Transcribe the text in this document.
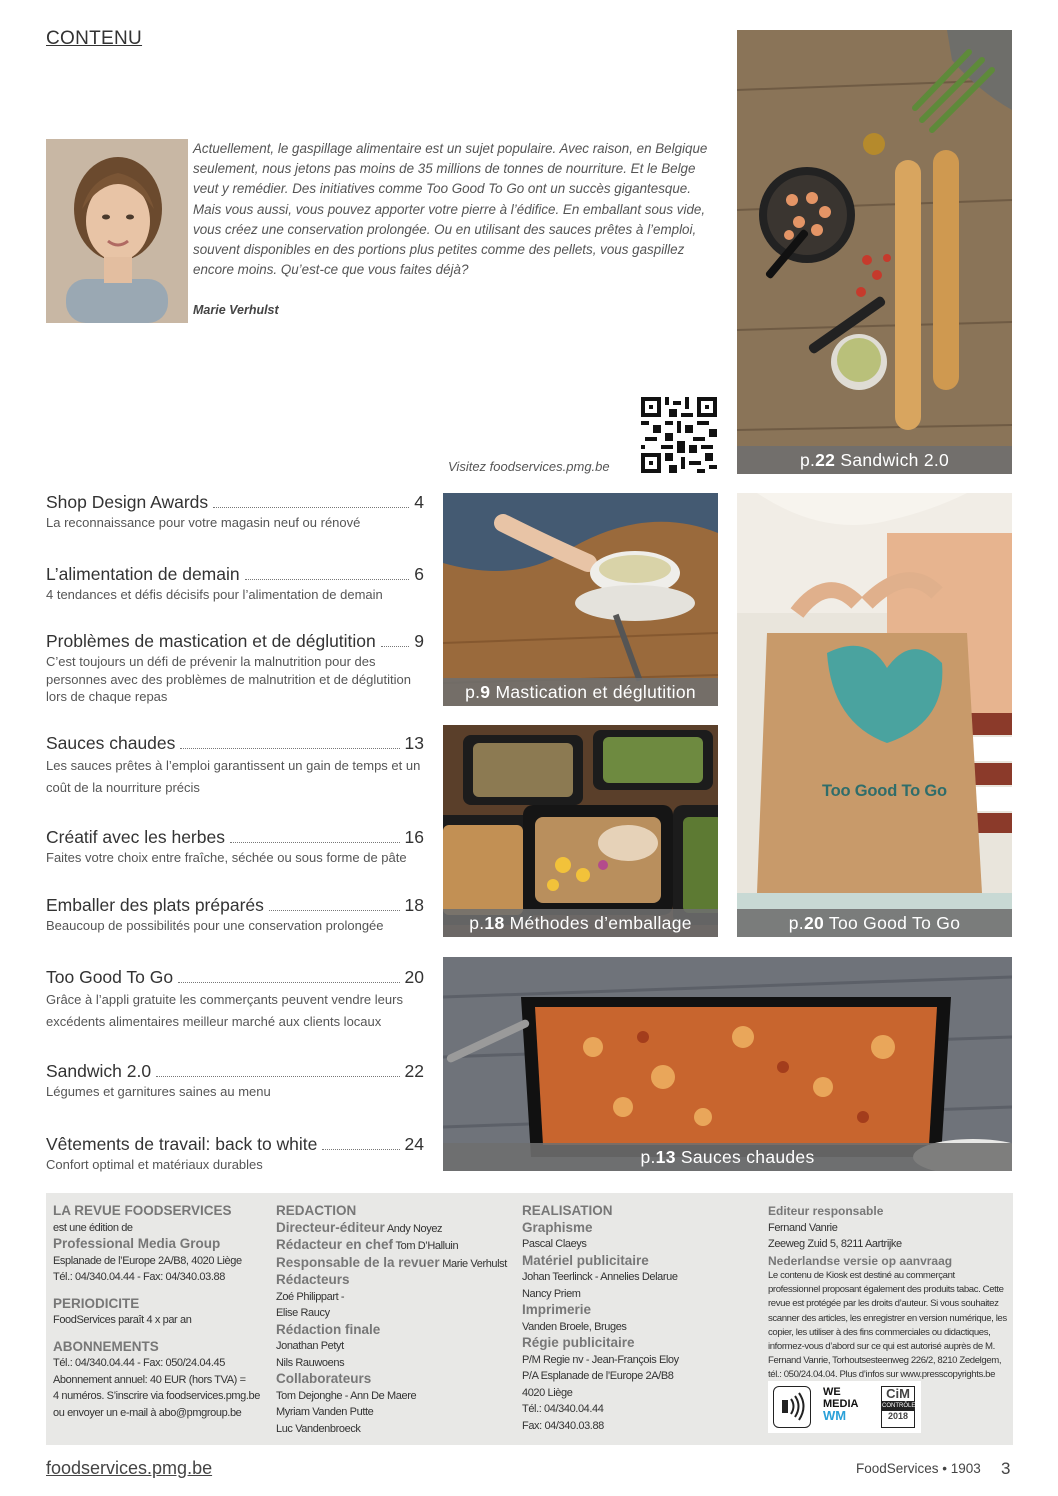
CONTENU
Actuellement, le gaspillage alimentaire est un sujet populaire. Avec raison, en Belgique seulement, nous jetons pas moins de 35 millions de tonnes de nourriture. Et le Belge veut y remédier. Des initiatives comme Too Good To Go ont un succès gigantesque. Mais vous aussi, vous pouvez apporter votre pierre à l’édifice. En emballant sous vide, vous créez une conservation prolongée. Ou en utilisant des sauces prêtes à l’emploi, souvent disponibles en des portions plus petites comme des pellets, vous gaspillez encore moins. Qu’est-ce que vous faites déjà?
Marie Verhulst
Visitez foodservices.pmg.be	p.22 Sandwich 2.0
p.9 Mastication et déglutition
p.18 Méthodes d’emballage
Too Good To Go
p.20 Too Good To Go
p.13 Sauces chaudes
Shop Design Awards	4
La reconnaissance pour votre magasin neuf ou rénové
L’alimentation de demain	6
4 tendances et défis décisifs pour l’alimentation de demain
Problèmes de mastication et de déglutition 9
C’est toujours un défi de prévenir la malnutrition pour des personnes avec des problèmes de malnutrition et de déglutition lors de chaque repas
Sauces chaudes	13
Les sauces prêtes à l’emploi garantissent un gain de temps et un coût de la nourriture précis
Créatif avec les herbes	16
Faites votre choix entre fraîche, séchée ou sous forme de pâte
Emballer des plats préparés	18
Beaucoup de possibilités pour une conservation prolongée
Too Good To Go	20
Grâce à l’appli gratuite les commerçants peuvent vendre leurs excédents alimentaires meilleur marché aux clients locaux
Sandwich 2.0	22
Légumes et garnitures saines au menu
Vêtements de travail: back to white	24
Confort optimal et matériaux durables
LA REVUE FOODSERVICES
est une édition de
Professional Media Group
Esplanade de l’Europe 2A/B8, 4020 Liège
Tél.: 04/340.04.44 - Fax: 04/340.03.88
PERIODICITE
FoodServices paraît 4 x par an
ABONNEMENTS
Tél.: 04/340.04.44 - Fax: 050/24.04.45
Abonnement annuel: 40 EUR (hors TVA) =
4 numéros. S’inscrire via foodservices.pmg.be
ou envoyer un e-mail à abo@pmgroup.be
REDACTION
Directeur-éditeur Andy Noyez
Rédacteur en chef Tom D’Halluin
Responsable de la revuer Marie Verhulst
Rédacteurs
Zoé Philippart -
Elise Raucy
Rédaction finale
Jonathan Petyt
Nils Rauwoens
Collaborateurs
Tom Dejonghe - Ann De Maere
Myriam Vanden Putte
Luc Vandenbroeck
REALISATION
Graphisme
Pascal Claeys
Matériel publicitaire
Johan Teerlinck - Annelies Delarue
Nancy Priem
Imprimerie
Vanden Broele, Bruges
Régie publicitaire
P/M Regie nv - Jean-François Eloy
P/A Esplanade de l’Europe 2A/B8
4020 Liège
Tél.: 04/340.04.44
Fax: 04/340.03.88
Editeur responsable
Fernand Vanrie
Zeeweg Zuid 5, 8211 Aartrijke
Nederlandse versie op aanvraag
Le contenu de Kiosk est destiné au commerçant professionnel proposant également des produits tabac. Cette revue est protégée par les droits d’auteur. Si vous souhaitez scanner des articles, les enregistrer en version numérique, les copier, les utiliser à des fins commerciales ou didactiques, informez-vous d’abord sur ce qui est autorisé auprès de M. Fernand Vanrie, Torhoutsesteenweg 226/2, 8210 Zedelgem, tél.: 050/24.04.04. Plus d’infos sur www.presscopyrights.be
WE
MEDIA
WM
CiM
CONTRÔLE
2018
foodservices.pmg.be	FoodServices • 1903 3
